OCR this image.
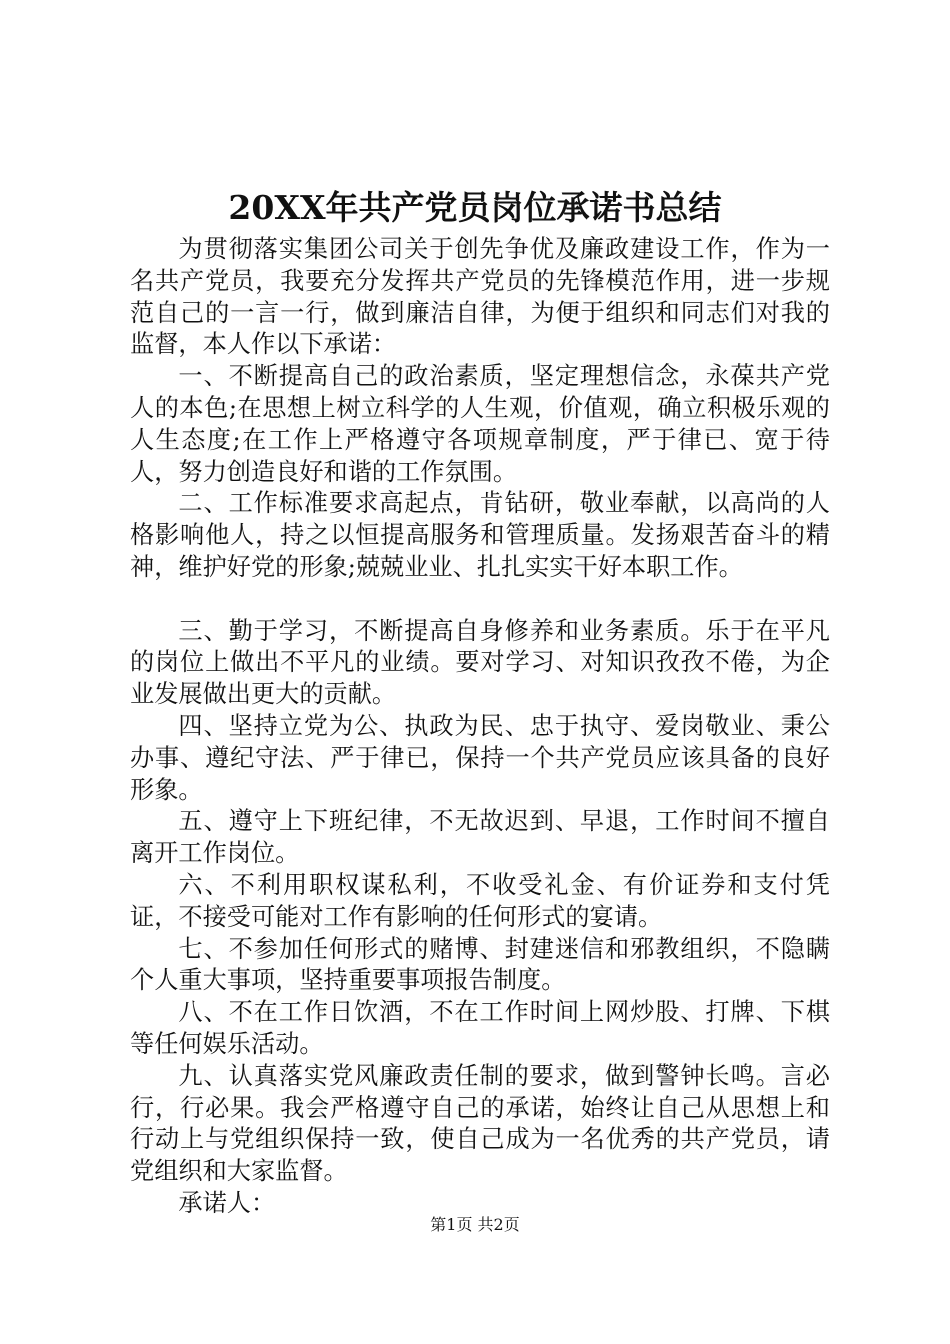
20XX年共产党员岗位承诺书总结

为贯彻落实集团公司关于创先争优及廉政建设工作，作为一名共产党员，我要充分发挥共产党员的先锋模范作用，进一步规范自己的一言一行，做到廉洁自律，为便于组织和同志们对我的监督，本人作以下承诺：

一、不断提高自己的政治素质，坚定理想信念，永葆共产党人的本色;在思想上树立科学的人生观，价值观，确立积极乐观的人生态度;在工作上严格遵守各项规章制度，严于律已、宽于待人，努力创造良好和谐的工作氛围。

二、工作标准要求高起点，肯钻研，敬业奉献，以高尚的人格影响他人，持之以恒提高服务和管理质量。发扬艰苦奋斗的精神，维护好党的形象;兢兢业业、扎扎实实干好本职工作。

三、勤于学习，不断提高自身修养和业务素质。乐于在平凡的岗位上做出不平凡的业绩。要对学习、对知识孜孜不倦，为企业发展做出更大的贡献。

四、坚持立党为公、执政为民、忠于执守、爱岗敬业、秉公办事、遵纪守法、严于律已，保持一个共产党员应该具备的良好形象。

五、遵守上下班纪律，不无故迟到、早退，工作时间不擅自离开工作岗位。

六、不利用职权谋私利，不收受礼金、有价证券和支付凭证，不接受可能对工作有影响的任何形式的宴请。

七、不参加任何形式的赌博、封建迷信和邪教组织，不隐瞒个人重大事项，坚持重要事项报告制度。

八、不在工作日饮酒，不在工作时间上网炒股、打牌、下棋等任何娱乐活动。

九、认真落实党风廉政责任制的要求，做到警钟长鸣。言必行，行必果。我会严格遵守自己的承诺，始终让自己从思想上和行动上与党组织保持一致，使自己成为一名优秀的共产党员，请党组织和大家监督。

承诺人：

第1页 共2页
